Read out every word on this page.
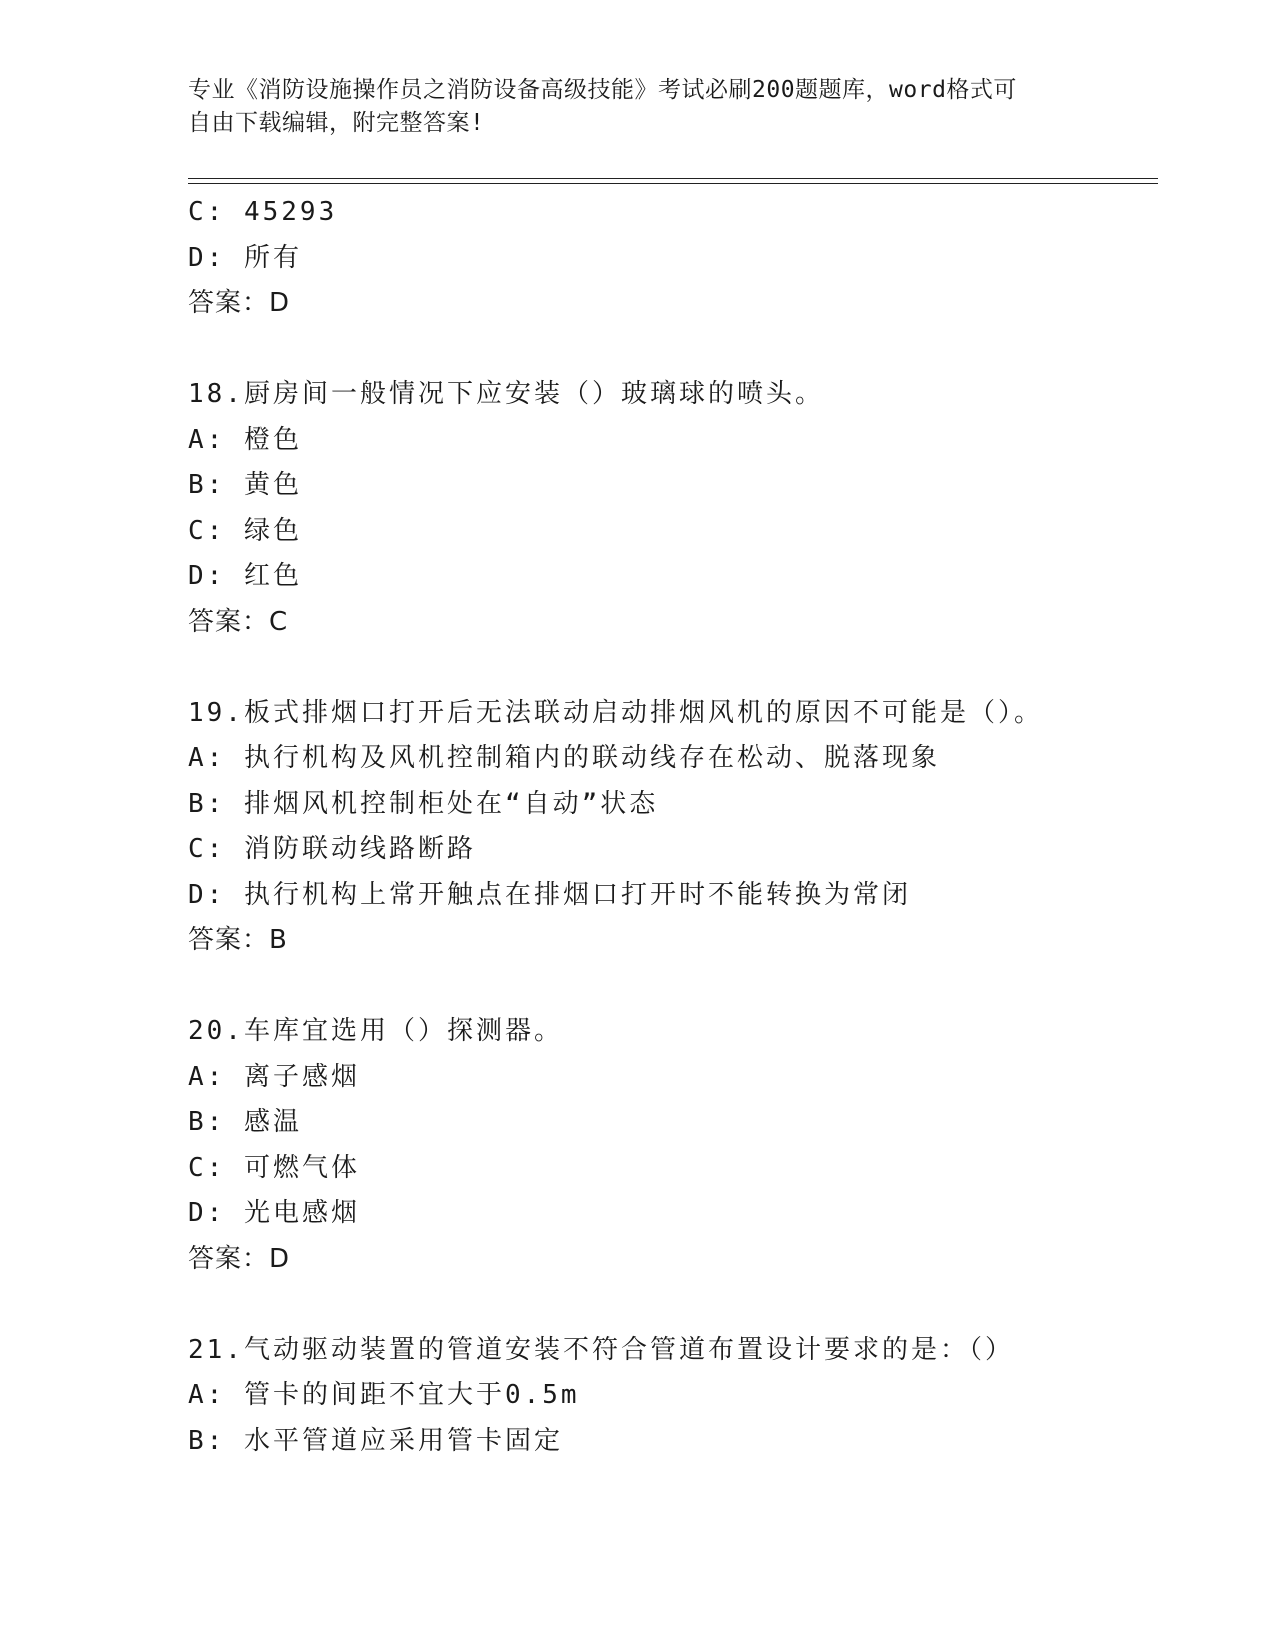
专业《消防设施操作员之消防设备高级技能》考试必刷200题题库，word格式可
自由下载编辑，附完整答案!
C: 45293
D: 所有
答案：D
18.厨房间一般情况下应安装（）玻璃球的喷头。
A: 橙色
B: 黄色
C: 绿色
D: 红色
答案：C
19.板式排烟口打开后无法联动启动排烟风机的原因不可能是（）。
A: 执行机构及风机控制箱内的联动线存在松动、脱落现象
B: 排烟风机控制柜处在“自动”状态
C: 消防联动线路断路
D: 执行机构上常开触点在排烟口打开时不能转换为常闭
答案：B
20.车库宜选用（）探测器。
A: 离子感烟
B: 感温
C: 可燃气体
D: 光电感烟
答案：D
21.气动驱动装置的管道安装不符合管道布置设计要求的是：（）
A: 管卡的间距不宜大于0.5m
B: 水平管道应采用管卡固定
